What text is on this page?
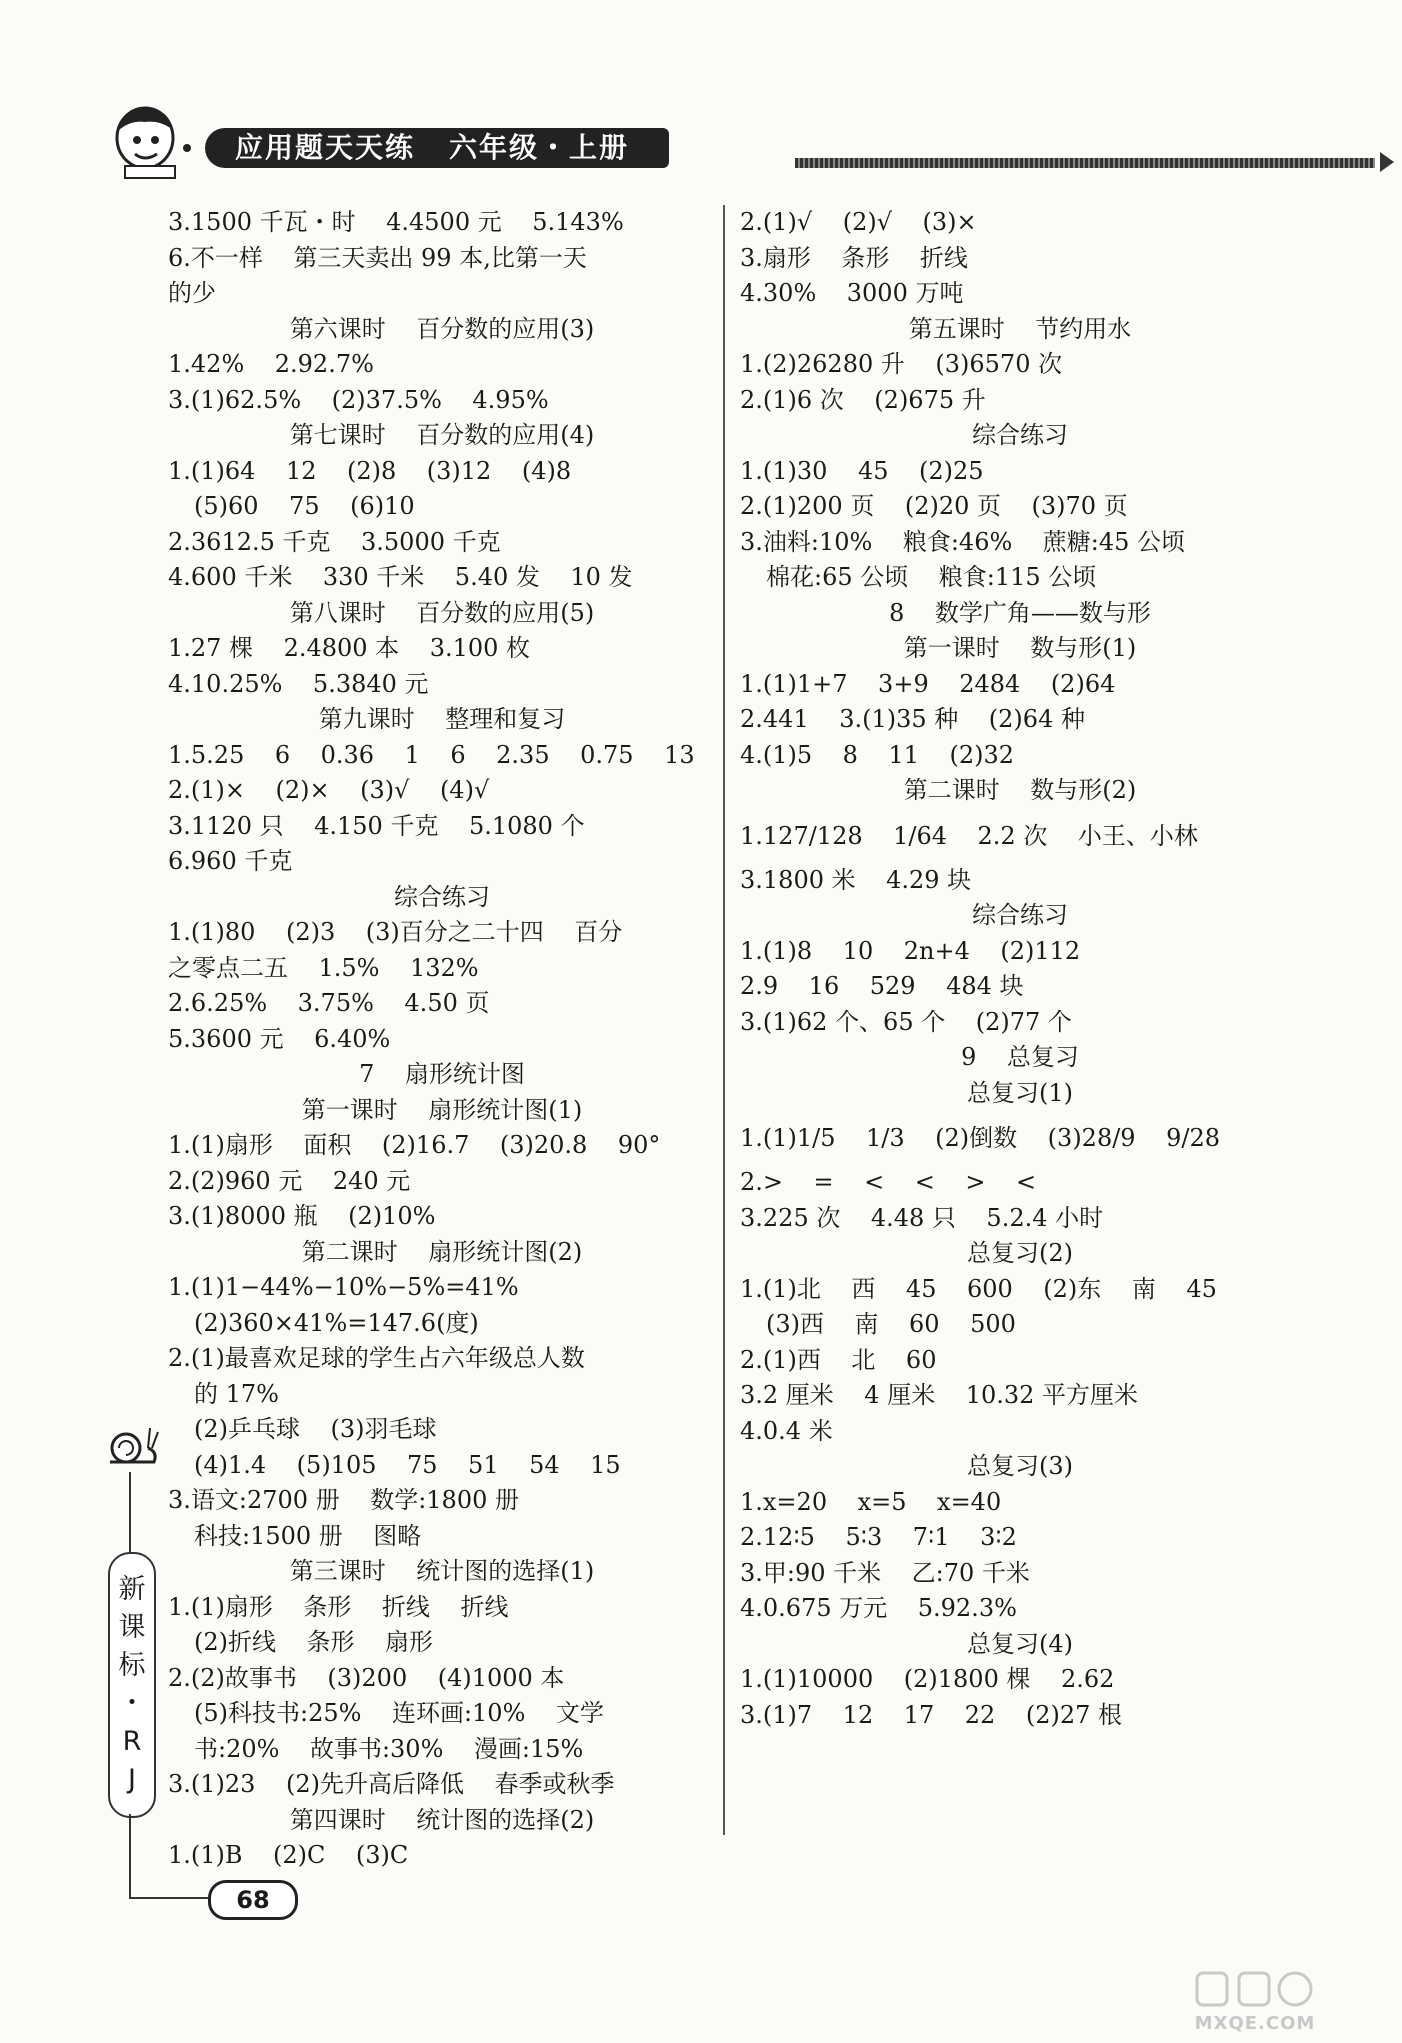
应用题天天练 六年级・上册
3.1500 千瓦・时    4.4500 元    5.143%
6.不一样    第三天卖出 99 本,比第一天
的少
第六课时    百分数的应用(3)
1.42%    2.92.7%
3.(1)62.5%    (2)37.5%    4.95%
第七课时    百分数的应用(4)
1.(1)64    12    (2)8    (3)12    (4)8
(5)60    75    (6)10
2.3612.5 千克    3.5000 千克
4.600 千米    330 千米    5.40 发    10 发
第八课时    百分数的应用(5)
1.27 棵    2.4800 本    3.100 枚
4.10.25%    5.3840 元
第九课时    整理和复习
1.5.25    6    0.36    1    6    2.35    0.75    13
2.(1)×    (2)×    (3)√    (4)√
3.1120 只    4.150 千克    5.1080 个
6.960 千克
综合练习
1.(1)80    (2)3    (3)百分之二十四    百分
之零点二五    1.5%    132%
2.6.25%    3.75%    4.50 页
5.3600 元    6.40%
7    扇形统计图
第一课时    扇形统计图(1)
1.(1)扇形    面积    (2)16.7    (3)20.8    90°
2.(2)960 元    240 元
3.(1)8000 瓶    (2)10%
第二课时    扇形统计图(2)
1.(1)1−44%−10%−5%=41%
(2)360×41%=147.6(度)
2.(1)最喜欢足球的学生占六年级总人数
的 17%
(2)乒乓球    (3)羽毛球
(4)1.4    (5)105    75    51    54    15
3.语文:2700 册    数学:1800 册
科技:1500 册    图略
第三课时    统计图的选择(1)
1.(1)扇形    条形    折线    折线
(2)折线    条形    扇形
2.(2)故事书    (3)200    (4)1000 本
(5)科技书:25%    连环画:10%    文学
书:20%    故事书:30%    漫画:15%
3.(1)23    (2)先升高后降低    春季或秋季
第四课时    统计图的选择(2)
1.(1)B    (2)C    (3)C
2.(1)√    (2)√    (3)×
3.扇形    条形    折线
4.30%    3000 万吨
第五课时    节约用水
1.(2)26280 升    (3)6570 次
2.(1)6 次    (2)675 升
综合练习
1.(1)30    45    (2)25
2.(1)200 页    (2)20 页    (3)70 页
3.油料:10%    粮食:46%    蔗糖:45 公顷
棉花:65 公顷    粮食:115 公顷
8    数学广角——数与形
第一课时    数与形(1)
1.(1)1+7    3+9    2484    (2)64
2.441    3.(1)35 种    (2)64 种
4.(1)5    8    11    (2)32
第二课时    数与形(2)
1.127/128    1/64    2.2 次    小王、小林
3.1800 米    4.29 块
综合练习
1.(1)8    10    2n+4    (2)112
2.9    16    529    484 块
3.(1)62 个、65 个    (2)77 个
9    总复习
总复习(1)
1.(1)1/5    1/3    (2)倒数    (3)28/9    9/28
2.>    =    <    <    >    <
3.225 次    4.48 只    5.2.4 小时
总复习(2)
1.(1)北    西    45    600    (2)东    南    45
(3)西    南    60    500
2.(1)西    北    60
3.2 厘米    4 厘米    10.32 平方厘米
4.0.4 米
总复习(3)
1.x=20    x=5    x=40
2.12∶5    5∶3    7∶1    3∶2
3.甲:90 千米    乙:70 千米
4.0.675 万元    5.92.3%
总复习(4)
1.(1)10000    (2)1800 棵    2.62
3.(1)7    12    17    22    (2)27 根
新
课
标
・
R
J
68
MXQE.COM
